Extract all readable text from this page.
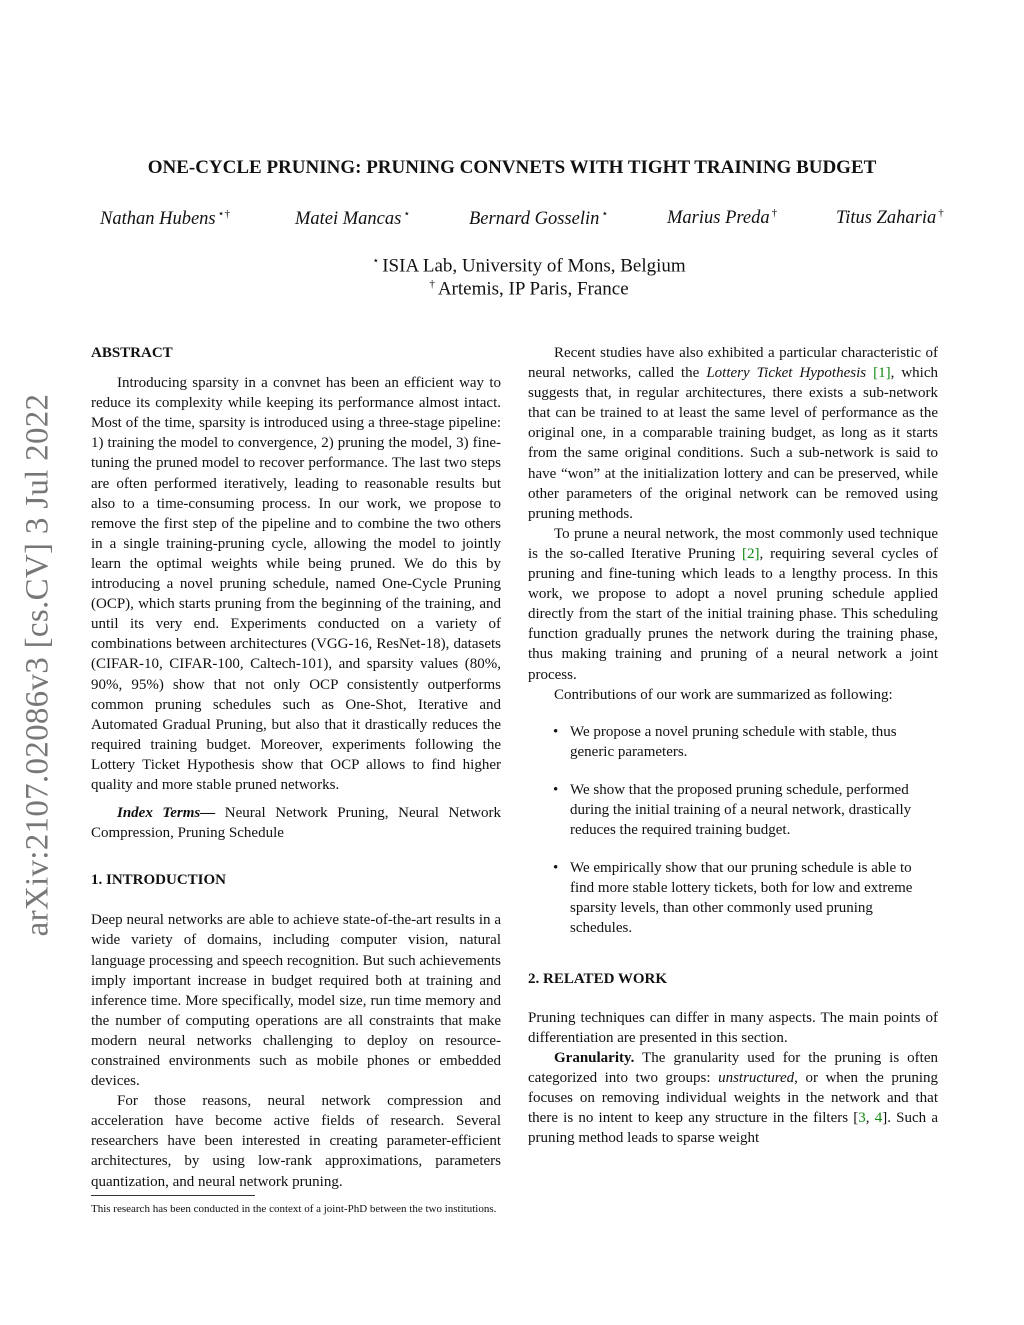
arXiv:2107.02086v3 [cs.CV] 3 Jul 2022
ONE-CYCLE PRUNING: PRUNING CONVNETS WITH TIGHT TRAINING BUDGET
Nathan Hubens ⋆†	Matei Mancas ⋆	Bernard Gosselin ⋆	Marius Preda †	Titus Zaharia †
⋆ ISIA Lab, University of Mons, Belgium
† Artemis, IP Paris, France

ABSTRACT

Introducing sparsity in a convnet has been an efficient way to reduce its complexity while keeping its performance almost intact. Most of the time, sparsity is introduced using a three-stage pipeline: 1) training the model to convergence, 2) pruning the model, 3) fine-tuning the pruned model to recover performance. The last two steps are often performed iteratively, leading to reasonable results but also to a time-consuming process. In our work, we propose to remove the first step of the pipeline and to combine the two others in a single training-pruning cycle, allowing the model to jointly learn the optimal weights while being pruned. We do this by introducing a novel pruning schedule, named One-Cycle Pruning (OCP), which starts pruning from the beginning of the training, and until its very end. Experiments conducted on a variety of combinations between architectures (VGG-16, ResNet-18), datasets (CIFAR-10, CIFAR-100, Caltech-101), and sparsity values (80%, 90%, 95%) show that not only OCP consistently outperforms common pruning schedules such as One-Shot, Iterative and Automated Gradual Pruning, but also that it drastically reduces the required training budget. Moreover, experiments following the Lottery Ticket Hypothesis show that OCP allows to find higher quality and more stable pruned networks.

Index Terms— Neural Network Pruning, Neural Network Compression, Pruning Schedule

1. INTRODUCTION

Deep neural networks are able to achieve state-of-the-art results in a wide variety of domains, including computer vision, natural language processing and speech recognition. But such achievements imply important increase in budget required both at training and inference time. More specifically, model size, run time memory and the number of computing operations are all constraints that make modern neural networks challenging to deploy on resource-constrained environments such as mobile phones or embedded devices.

For those reasons, neural network compression and acceleration have become active fields of research. Several researchers have been interested in creating parameter-efficient architectures, by using low-rank approximations, parameters quantization, and neural network pruning.

This research has been conducted in the context of a joint-PhD between the two institutions.

Recent studies have also exhibited a particular characteristic of neural networks, called the Lottery Ticket Hypothesis [1], which suggests that, in regular architectures, there exists a sub-network that can be trained to at least the same level of performance as the original one, in a comparable training budget, as long as it starts from the same original conditions. Such a sub-network is said to have “won” at the initialization lottery and can be preserved, while other parameters of the original network can be removed using pruning methods.

To prune a neural network, the most commonly used technique is the so-called Iterative Pruning [2], requiring several cycles of pruning and fine-tuning which leads to a lengthy process. In this work, we propose to adopt a novel pruning schedule applied directly from the start of the initial training phase. This scheduling function gradually prunes the network during the training phase, thus making training and pruning of a neural network a joint process.

Contributions of our work are summarized as following:

• We propose a novel pruning schedule with stable, thus generic parameters.
• We show that the proposed pruning schedule, performed during the initial training of a neural network, drastically reduces the required training budget.
• We empirically show that our pruning schedule is able to find more stable lottery tickets, both for low and extreme sparsity levels, than other commonly used pruning schedules.

2. RELATED WORK

Pruning techniques can differ in many aspects. The main points of differentiation are presented in this section.

Granularity. The granularity used for the pruning is often categorized into two groups: unstructured, or when the pruning focuses on removing individual weights in the network and that there is no intent to keep any structure in the filters [3, 4]. Such a pruning method leads to sparse weight
